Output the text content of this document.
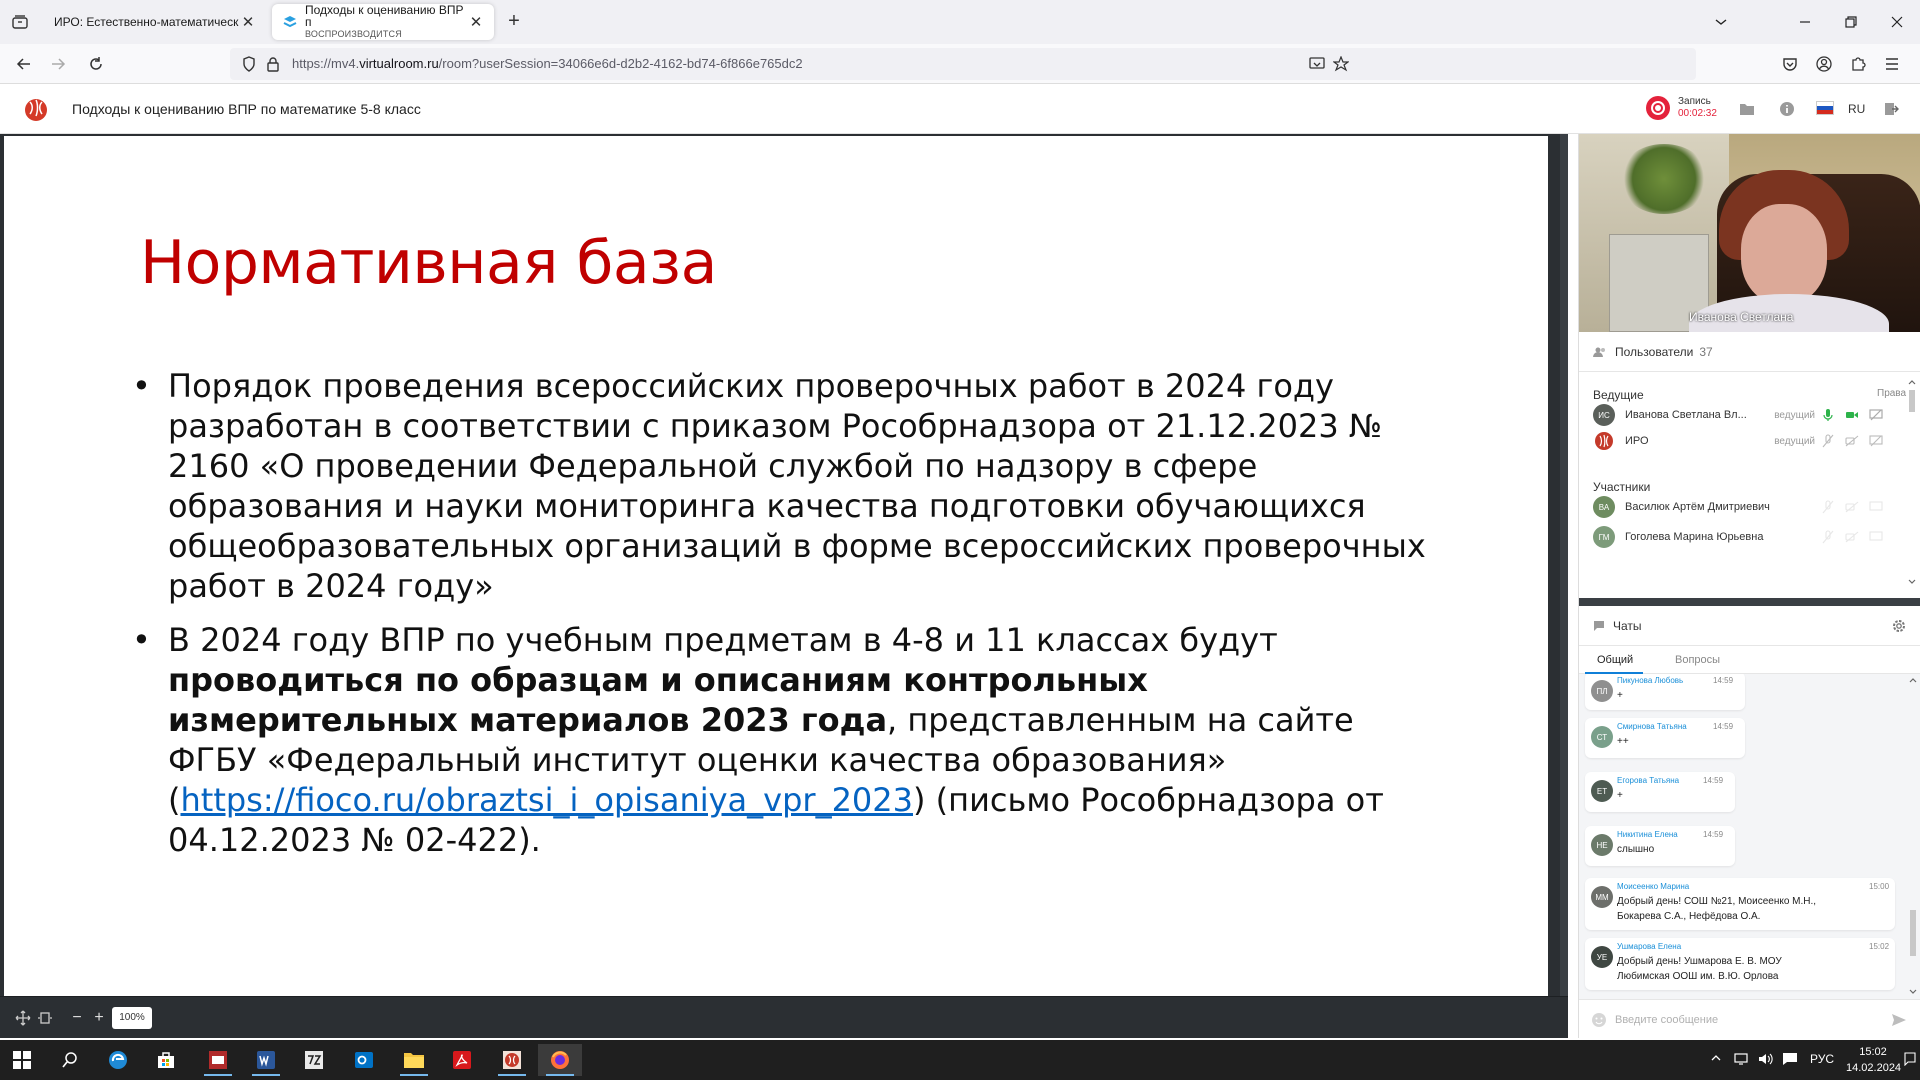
ИРО: Естественно-математическ ✕
Подходы к оцениванию ВПР п
ВОСПРОИЗВОДИТСЯ
✕	+
https://mv4.virtualroom.ru/room?userSession=34066e6d-d2b2-4162-bd74-6f866e765dc2
Подходы к оцениванию ВПР по математике 5-8 класс	Запись
00:02:32	RU
Нормативная база
• Порядок проведения всероссийских проверочных работ в 2024 году разработан в соответствии с приказом Рособрнадзора от 21.12.2023 № 2160 «О проведении Федеральной службой по надзору в сфере образования и науки мониторинга качества подготовки обучающихся общеобразовательных организаций в форме всероссийских проверочных работ в 2024 году»
• В 2024 году ВПР по учебным предметам в 4-8 и 11 классах будут проводиться по образцам и описаниям контрольных измерительных материалов 2023 года, представленным на сайте ФГБУ «Федеральный институт оценки качества образования» (https://fioco.ru/obraztsi_i_opisaniya_vpr_2023) (письмо Рособрнадзора от 04.12.2023 № 02-422).
− +	100%
Иванова Светлана
Пользователи 37
Ведущие	Права
ИС	Иванова Светлана Вл...	ведущий
ИРО	ведущий
Участники
ВА	Василюк Артём Дмитриевич
ГМ	Гоголева Марина Юрьевна
Чаты
Общий	Вопросы
ПЛ
Пикунова Любовь	14:59
+
СТ
Смирнова Татьяна	14:59
++
ЕТ
Егорова Татьяна	14:59
+
НЕ
Никитина Елена	14:59
слышно
ММ
Моисеенко Марина	15:00
Добрый день! СОШ №21, Моисеенко М.Н.,
Бокарева С.А., Нефёдова О.А.
УЕ
Ушмарова Елена	15:02
Добрый день! Ушмарова Е. В. МОУ
Любимская ООШ им. В.Ю. Орлова
Введите сообщение
РУС	15:02
14.02.2024
